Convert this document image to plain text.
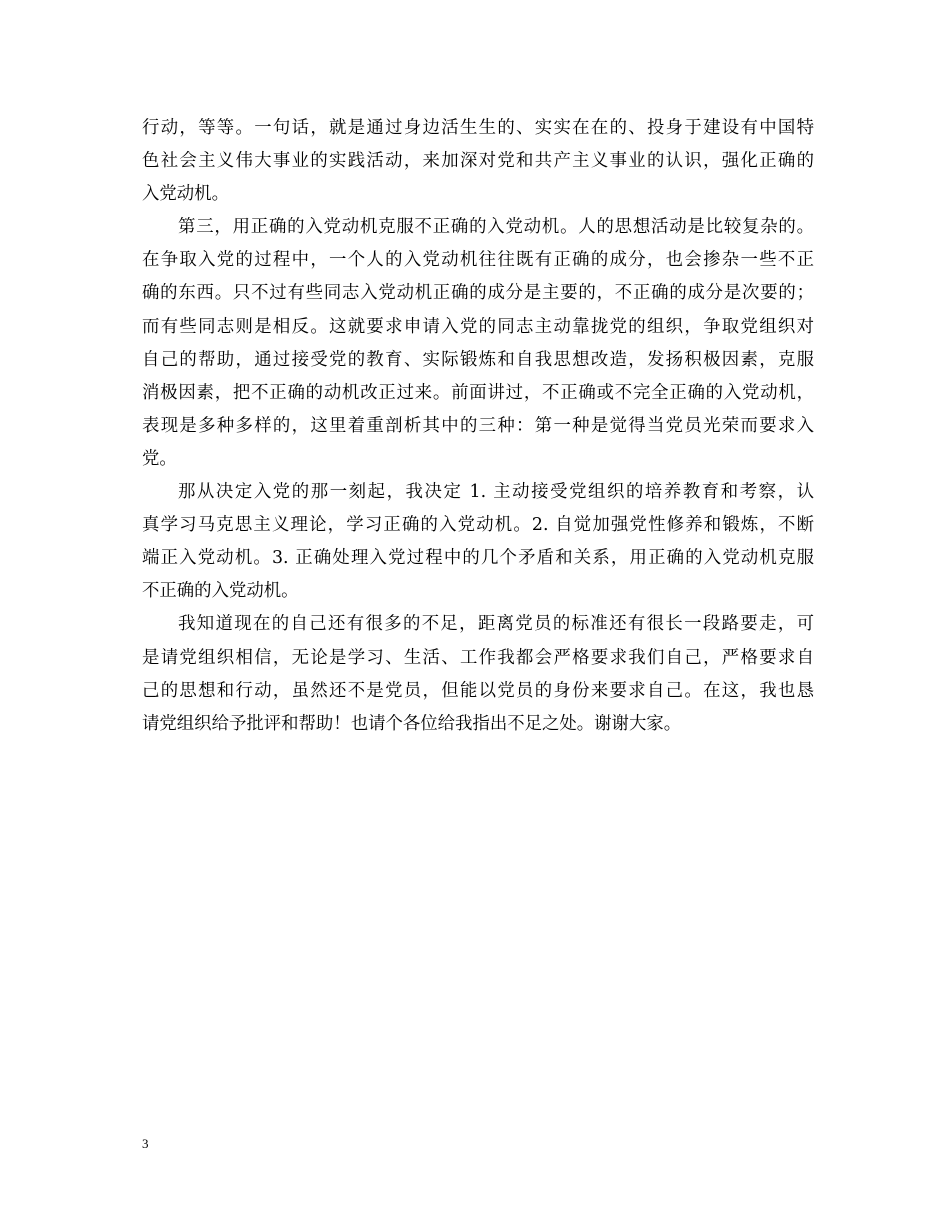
行动，等等。一句话，就是通过身边活生生的、实实在在的、投身于建设有中国特
色社会主义伟大事业的实践活动，来加深对党和共产主义事业的认识，强化正确的
入党动机。
第三，用正确的入党动机克服不正确的入党动机。人的思想活动是比较复杂的。
在争取入党的过程中，一个人的入党动机往往既有正确的成分，也会掺杂一些不正
确的东西。只不过有些同志入党动机正确的成分是主要的，不正确的成分是次要的；
而有些同志则是相反。这就要求申请入党的同志主动靠拢党的组织，争取党组织对
自己的帮助，通过接受党的教育、实际锻炼和自我思想改造，发扬积极因素，克服
消极因素，把不正确的动机改正过来。前面讲过，不正确或不完全正确的入党动机，
表现是多种多样的，这里着重剖析其中的三种：第一种是觉得当党员光荣而要求入
党。
那从决定入党的那一刻起，我决定 1. 主动接受党组织的培养教育和考察，认
真学习马克思主义理论，学习正确的入党动机。2. 自觉加强党性修养和锻炼，不断
端正入党动机。3. 正确处理入党过程中的几个矛盾和关系，用正确的入党动机克服
不正确的入党动机。
我知道现在的自己还有很多的不足，距离党员的标准还有很长一段路要走，可
是请党组织相信，无论是学习、生活、工作我都会严格要求我们自己，严格要求自
己的思想和行动，虽然还不是党员，但能以党员的身份来要求自己。在这，我也恳
请党组织给予批评和帮助！也请个各位给我指出不足之处。谢谢大家。
3
